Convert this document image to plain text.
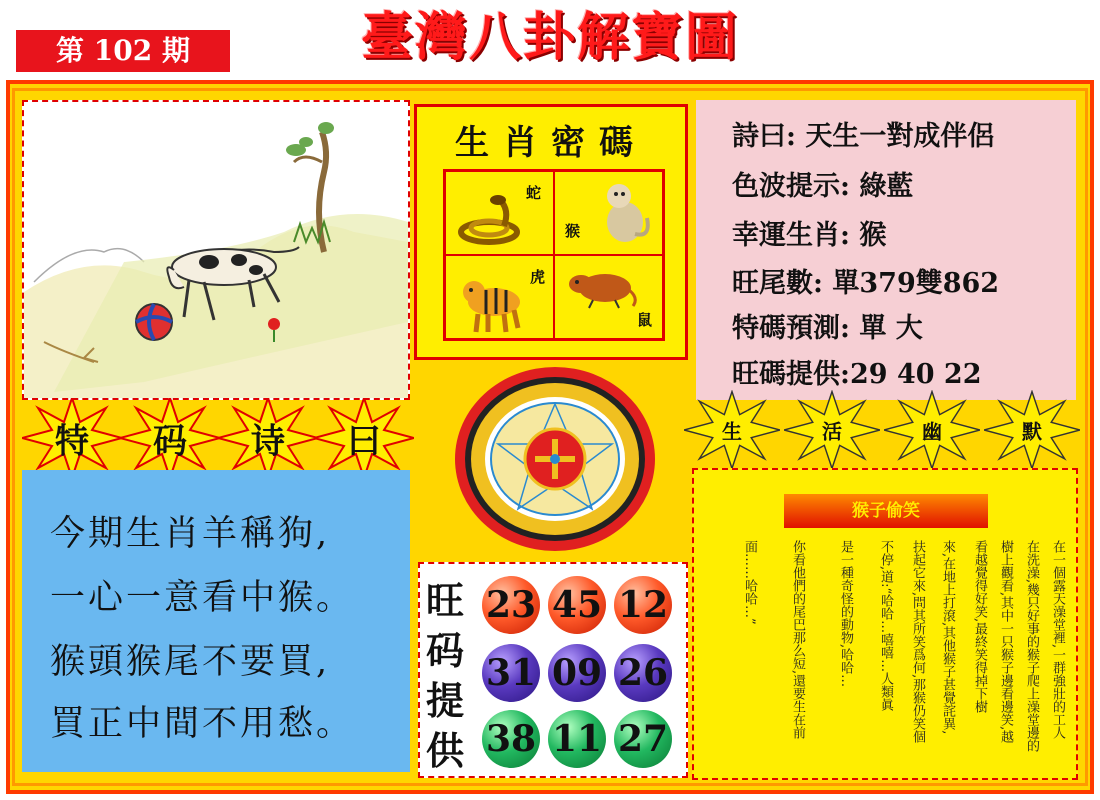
第 102 期	臺灣八卦解寶圖
生肖密碼
蛇
猴
虎
鼠
詩曰: 天生一對成伴侶
色波提示: 綠藍
幸運生肖: 猴
旺尾數: 單379雙862
特碼預測: 單 大
旺碼提供:29 40 22
特	码	诗	曰	生	活	幽	默
今期生肖羊稱狗,
一心一意看中猴。
猴頭猴尾不要買,
買正中間不用愁。
旺
码
提
供
23 45 12
31 09 26
38 11 27
猴子偷笑
在一個露天澡堂裡,一群強壯的工人
在洗澡,幾只好事的猴子爬上澡堂邊的
樹上觀看,其中一只猴子邊看邊笑,越
看越覺得好笑,最終笑得掉下樹
來,在地上打滾,其他猴子甚覺詫異,
扶起它來,問其所笑爲何,那猴仍笑個
不停,道:“哈哈…嘻嘻…人類眞
是一種奇怪的動物,哈哈…
你看他們的尾巴那么短,還要生在前
面……哈哈…”
